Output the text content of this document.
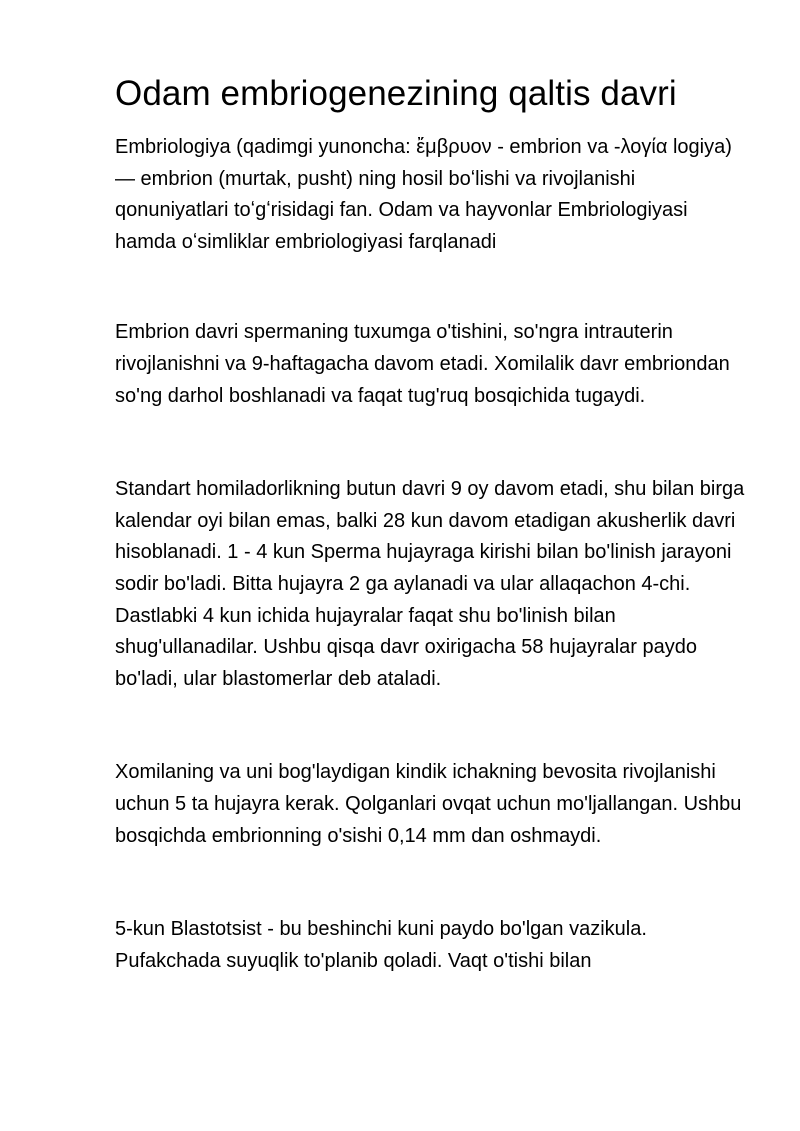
Odam embriogenezining qaltis davri

Embriologiya (qadimgi yunoncha: ἔμβρυον - embrion va -λογία logiya) — embrion (murtak, pusht) ning hosil boʻlishi va rivojlanishi qonuniyatlari toʻgʻrisidagi fan. Odam va hayvonlar Embriologiyasi hamda oʻsimliklar embriologiyasi farqlanadi

Embrion davri spermaning tuxumga o'tishini, so'ngra intrauterin rivojlanishni va 9-haftagacha davom etadi. Xomilalik davr embriondan so'ng darhol boshlanadi va faqat tug'ruq bosqichida tugaydi.

Standart homiladorlikning butun davri 9 oy davom etadi, shu bilan birga kalendar oyi bilan emas, balki 28 kun davom etadigan akusherlik davri hisoblanadi. 1 - 4 kun Sperma hujayraga kirishi bilan bo'linish jarayoni sodir bo'ladi. Bitta hujayra 2 ga aylanadi va ular allaqachon 4-chi. Dastlabki 4 kun ichida hujayralar faqat shu bo'linish bilan shug'ullanadilar. Ushbu qisqa davr oxirigacha 58 hujayralar paydo bo'ladi, ular blastomerlar deb ataladi.

Xomilaning va uni bog'laydigan kindik ichakning bevosita rivojlanishi uchun 5 ta hujayra kerak. Qolganlari ovqat uchun mo'ljallangan. Ushbu bosqichda embrionning o'sishi 0,14 mm dan oshmaydi.

5-kun Blastotsist - bu beshinchi kuni paydo bo'lgan vazikula. Pufakchada suyuqlik to'planib qoladi. Vaqt o'tishi bilan
